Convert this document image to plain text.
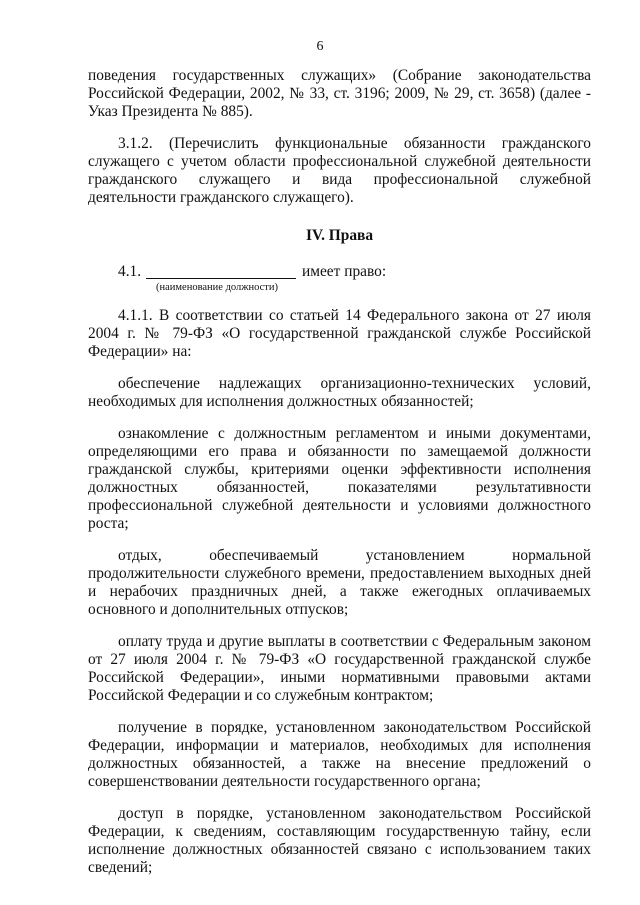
6

поведения государственных служащих» (Собрание законодательства Российской Федерации, 2002, № 33, ст. 3196; 2009, № 29, ст. 3658) (далее - Указ Президента № 885).

3.1.2. (Перечислить функциональные обязанности гражданского служащего с учетом области профессиональной служебной деятельности гражданского служащего и вида профессиональной служебной деятельности гражданского служащего).

IV. Права
4.1.	имеет право:
(наименование должности)

4.1.1. В соответствии со статьей 14 Федерального закона от 27 июля 2004 г. № 79-ФЗ «О государственной гражданской службе Российской Федерации» на:

обеспечение надлежащих организационно-технических условий, необходимых для исполнения должностных обязанностей;

ознакомление с должностным регламентом и иными документами, определяющими его права и обязанности по замещаемой должности гражданской службы, критериями оценки эффективности исполнения должностных обязанностей, показателями результативности профессиональной служебной деятельности и условиями должностного роста;

отдых, обеспечиваемый установлением нормальной продолжительности служебного времени, предоставлением выходных дней и нерабочих праздничных дней, а также ежегодных оплачиваемых основного и дополнительных отпусков;

оплату труда и другие выплаты в соответствии с Федеральным законом от 27 июля 2004 г. № 79-ФЗ «О государственной гражданской службе Российской Федерации», иными нормативными правовыми актами Российской Федерации и со служебным контрактом;

получение в порядке, установленном законодательством Российской Федерации, информации и материалов, необходимых для исполнения должностных обязанностей, а также на внесение предложений о совершенствовании деятельности государственного органа;

доступ в порядке, установленном законодательством Российской Федерации, к сведениям, составляющим государственную тайну, если исполнение должностных обязанностей связано с использованием таких сведений;
